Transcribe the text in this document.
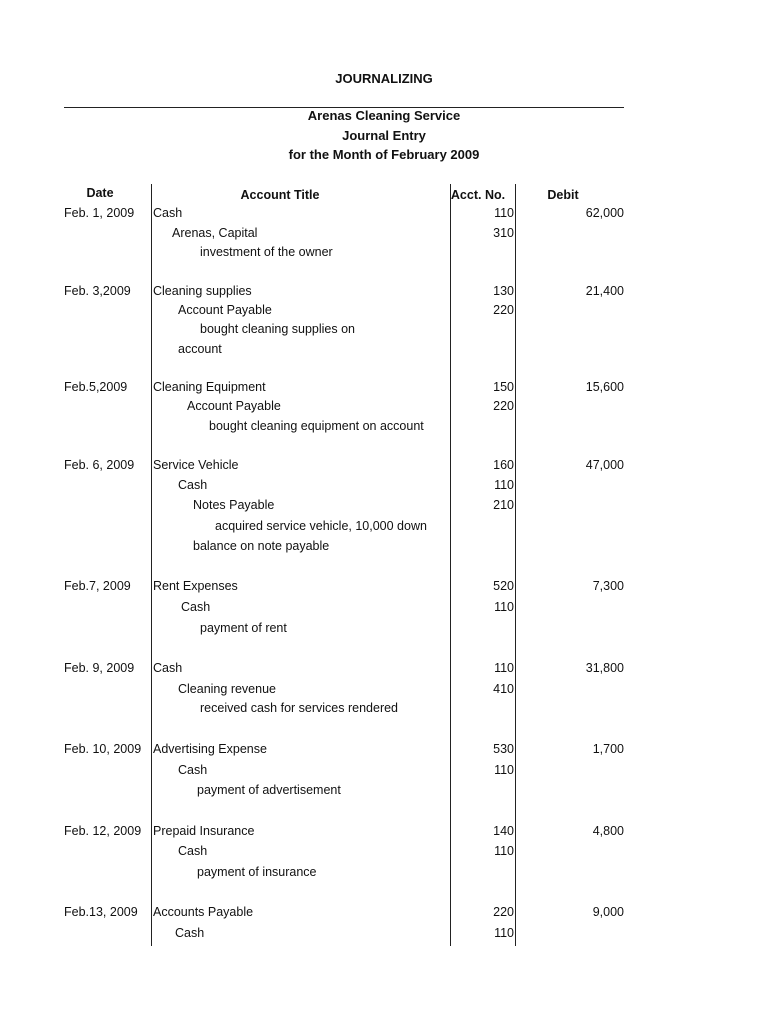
JOURNALIZING
Arenas Cleaning Service
Journal Entry
for the Month of February 2009
Date	Account Title	Acct. No.	Debit
Feb. 1, 2009	Cash	110	62,000
Arenas, Capital	310
investment of the owner
Feb. 3,2009	Cleaning supplies	130	21,400
Account Payable	220
bought cleaning supplies on
account
Feb.5,2009	Cleaning Equipment	150	15,600
Account Payable	220
bought cleaning equipment on account
Feb. 6, 2009	Service Vehicle	160	47,000
Cash	110
Notes Payable	210
acquired service vehicle, 10,000 down
balance on note payable
Feb.7, 2009	Rent Expenses	520	7,300
Cash	110
payment of rent
Feb. 9, 2009	Cash	110	31,800
Cleaning revenue	410
received cash for services rendered
Feb. 10, 2009 Advertising Expense	530	1,700
Cash	110
payment of advertisement
Feb. 12, 2009 Prepaid Insurance	140	4,800
Cash	110
payment of insurance
Feb.13, 2009	Accounts Payable	220	9,000
Cash	110
